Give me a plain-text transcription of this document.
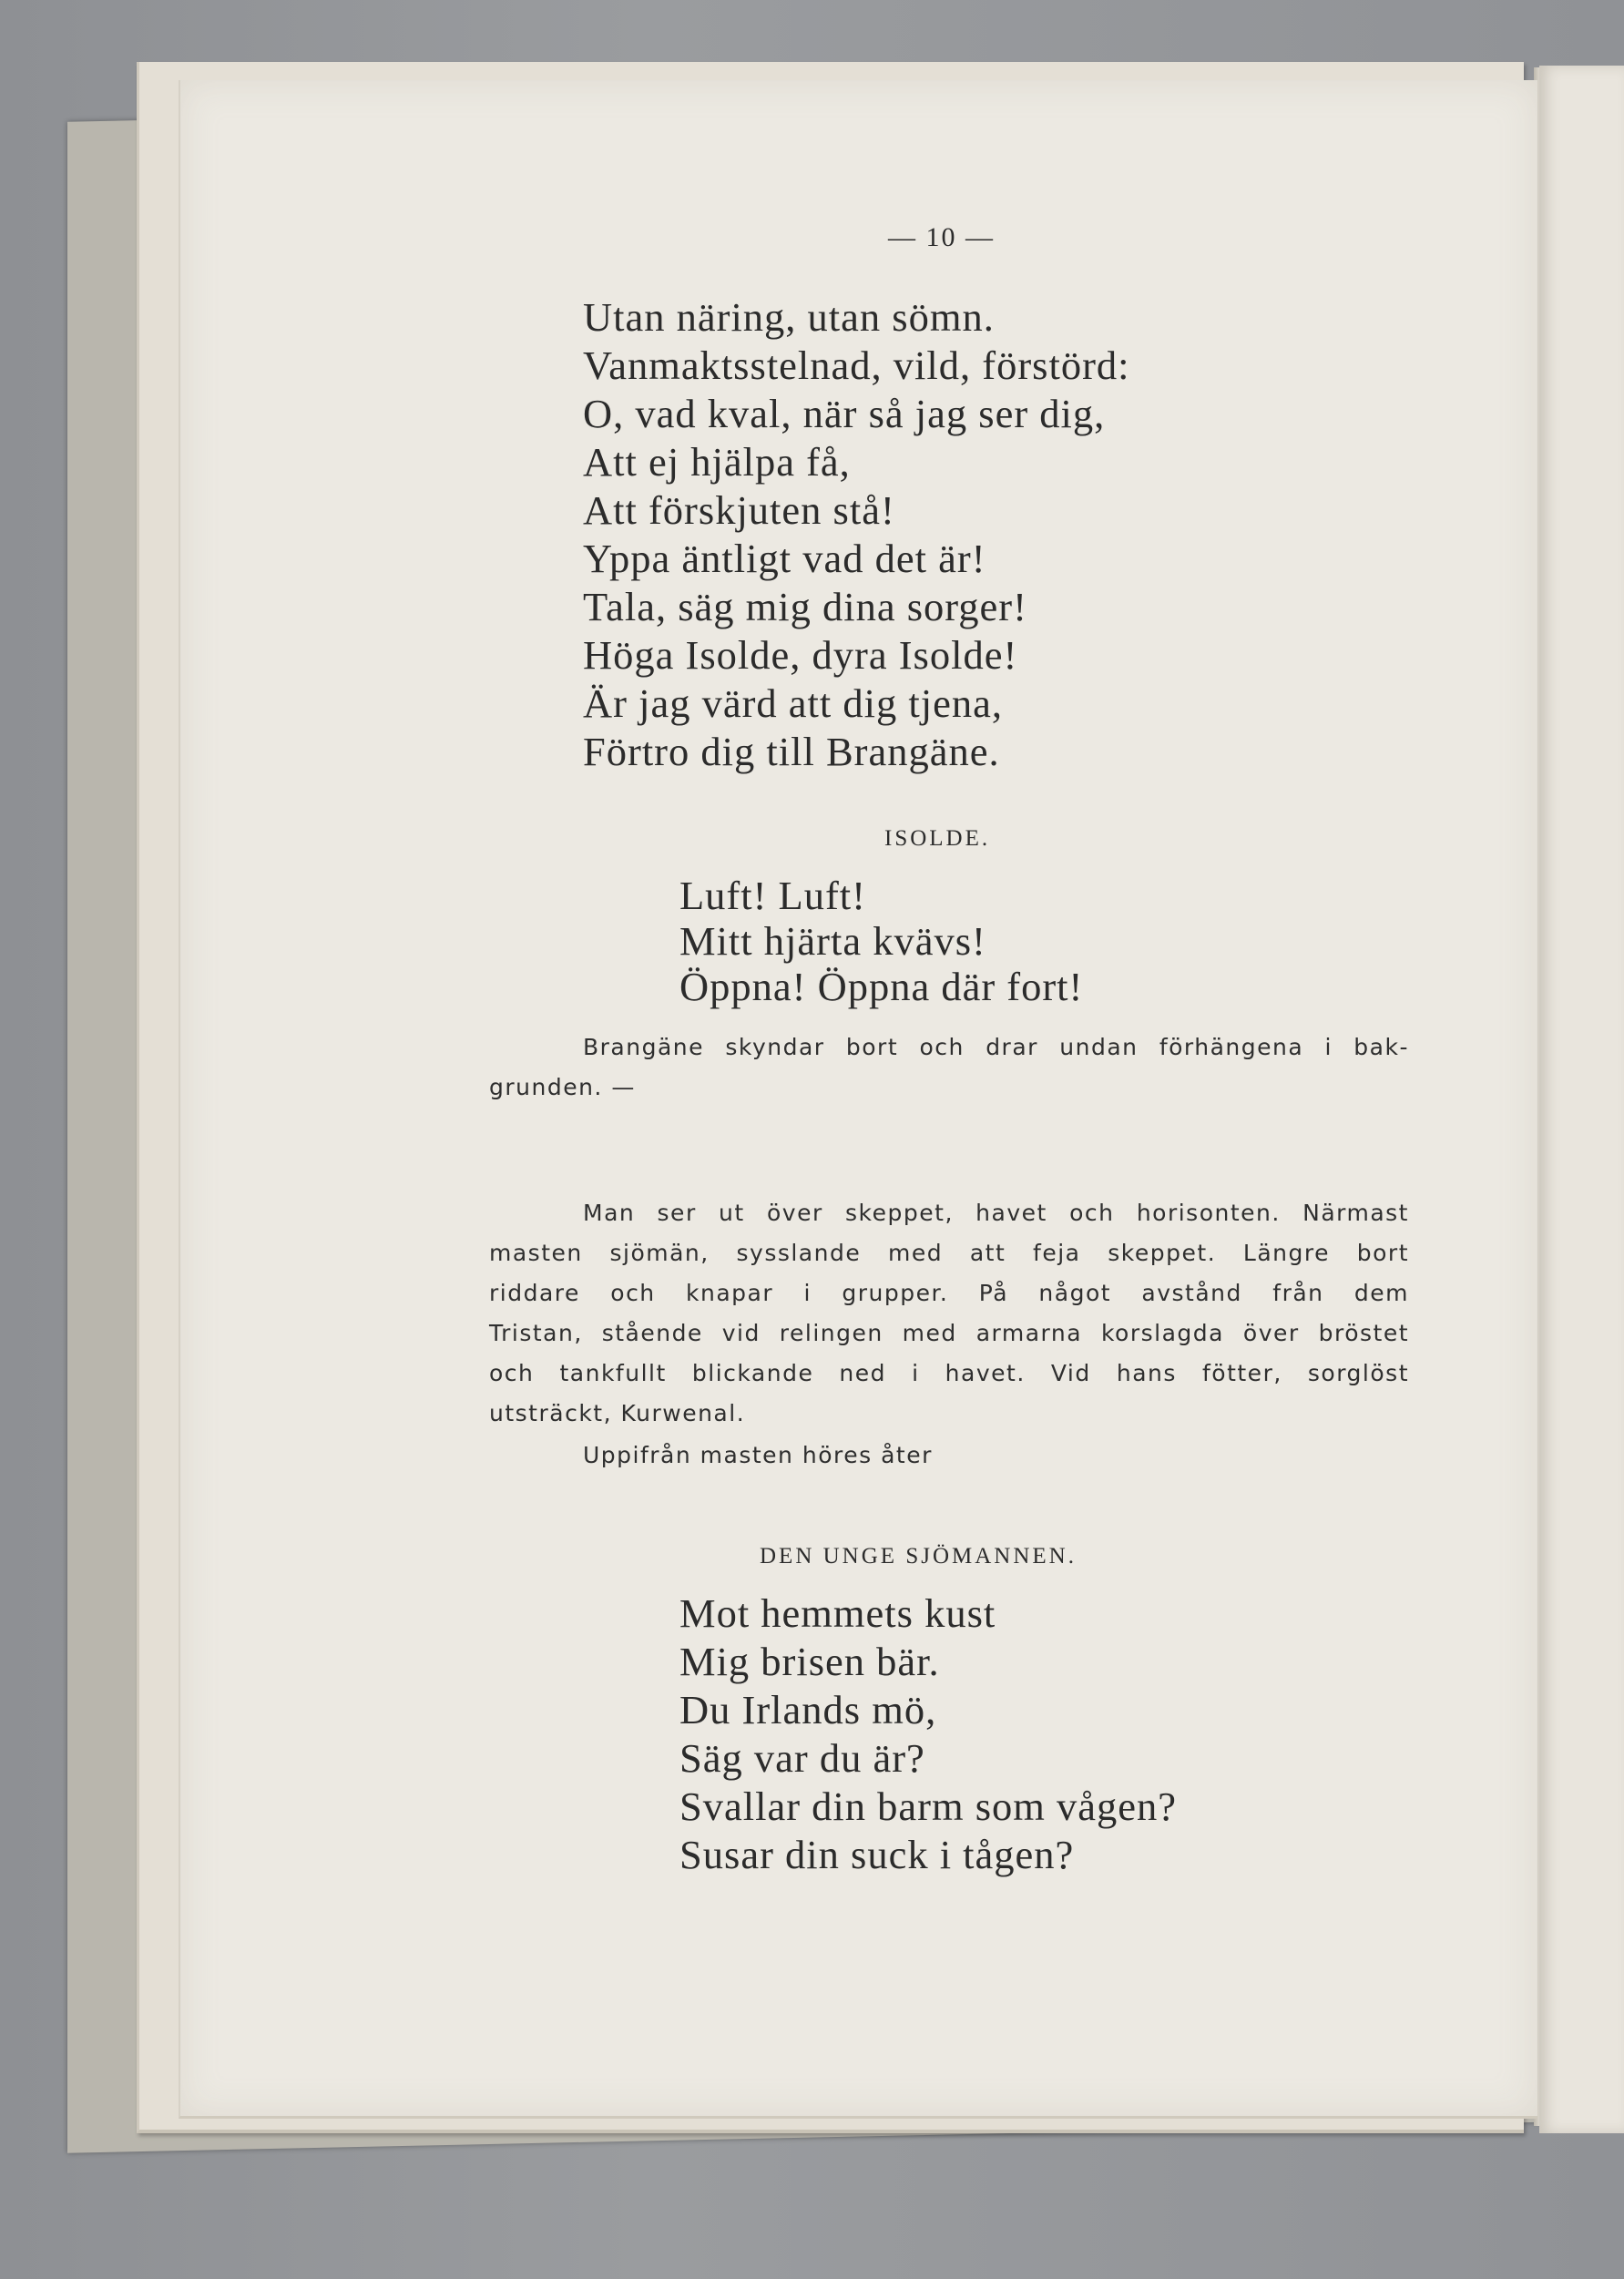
— 10 —
Utan näring, utan sömn.
Vanmaktsstelnad, vild, förstörd:
O, vad kval, när så jag ser dig,
Att ej hjälpa få,
Att förskjuten stå!
Yppa äntligt vad det är!
Tala, säg mig dina sorger!
Höga Isolde, dyra Isolde!
Är jag värd att dig tjena,
Förtro dig till Brangäne.
ISOLDE.
Luft! Luft!
Mitt hjärta kvävs!
Öppna! Öppna där fort!
Brangäne skyndar bort och drar undan förhängena i bak-
grunden. —
Man ser ut över skeppet, havet och horisonten. Närmast
masten sjömän, sysslande med att feja skeppet. Längre bort
riddare och knapar i grupper. På något avstånd från dem
Tristan, stående vid relingen med armarna korslagda över bröstet
och tankfullt blickande ned i havet. Vid hans fötter, sorglöst
utsträckt, Kurwenal.
Uppifrån masten höres åter
DEN UNGE SJÖMANNEN.
Mot hemmets kust
Mig brisen bär.
Du Irlands mö,
Säg var du är?
Svallar din barm som vågen?
Susar din suck i tågen?
